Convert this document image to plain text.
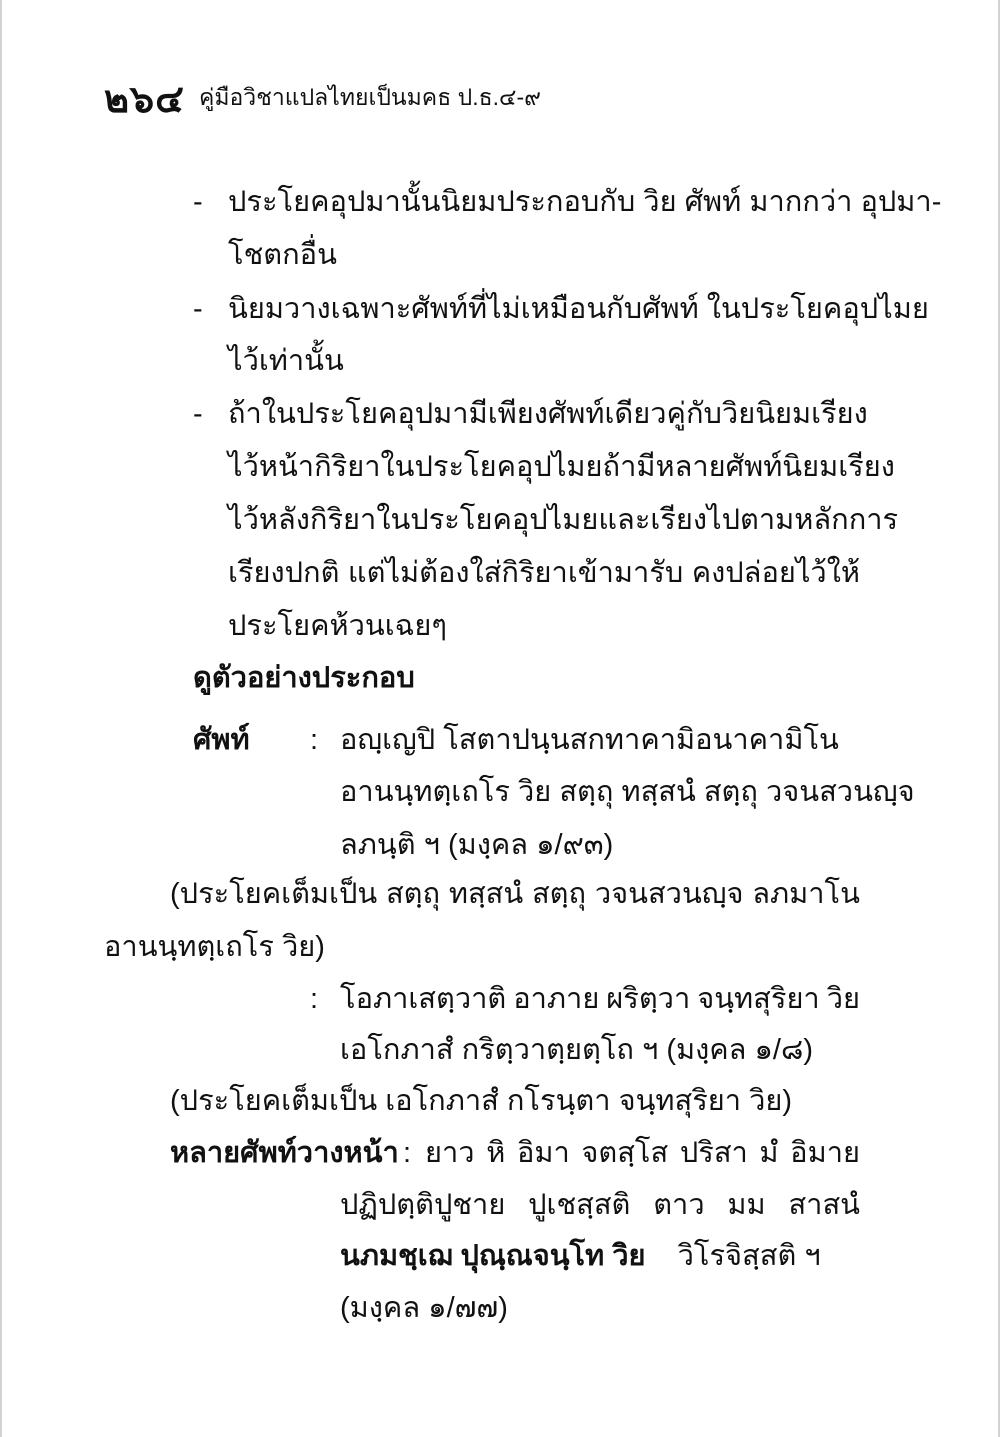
๒๖๔ คู่มือวิชาแปลไทยเป็นมคธ ป.ธ.๔-๙
- ประโยคอุปมานั้นนิยมประกอบกับ วิย ศัพท์ มากกว่า อุปมา-
โชตกอื่น
- นิยมวางเฉพาะศัพท์ที่ไม่เหมือนกับศัพท์ ในประโยคอุปไมย
ไว้เท่านั้น
- ถ้าในประโยคอุปมามีเพียงศัพท์เดียวคู่กับ วิย นิยมเรียง
ไว้หน้ากิริยาในประโยคอุปไมย ถ้ามีหลายศัพท์นิยมเรียง
ไว้หลังกิริยาในประโยคอุปไมย และเรียงไปตามหลักการ
เรียงปกติ แต่ไม่ต้องใส่กิริยาเข้ามารับ คงปล่อยไว้ให้
ประโยคห้วนเฉยๆ
ดูตัวอย่างประกอบ
ศัพท์ : อญฺเญปิ โสตาปนฺนสกทาคามิอนาคามิโน
อานนฺทตฺเถโร วิย สตฺถุ ทสฺสนํ สตฺถุ วจนสวนญฺจ
ลภนฺติ ฯ (มงฺคล ๑/๙๓)
(ประโยคเต็มเป็น สตฺถุ ทสฺสนํ สตฺถุ วจนสวนญฺจ ลภมาโน
อานนฺทตฺเถโร วิย)
: โอภาเสตฺวาติ อาภาย ผริตฺวา จนฺทสุริยา วิย
เอโกภาสํ กริตฺวาตฺยตฺโถ ฯ (มงฺคล ๑/๘)
(ประโยคเต็มเป็น เอโกภาสํ กโรนฺตา จนฺทสุริยา วิย)
หลายศัพท์วางหน้า : ยาว หิ อิมา จตสฺโส ปริสา มํ อิมาย
ปฏิปตฺติปูชาย ปูเชสฺสติ ตาว มม สาสนํ
นภมชฺเฌ ปุณฺณจนฺโท วิย วิโรจิสฺสติ ฯ
(มงฺคล ๑/๗๗)
